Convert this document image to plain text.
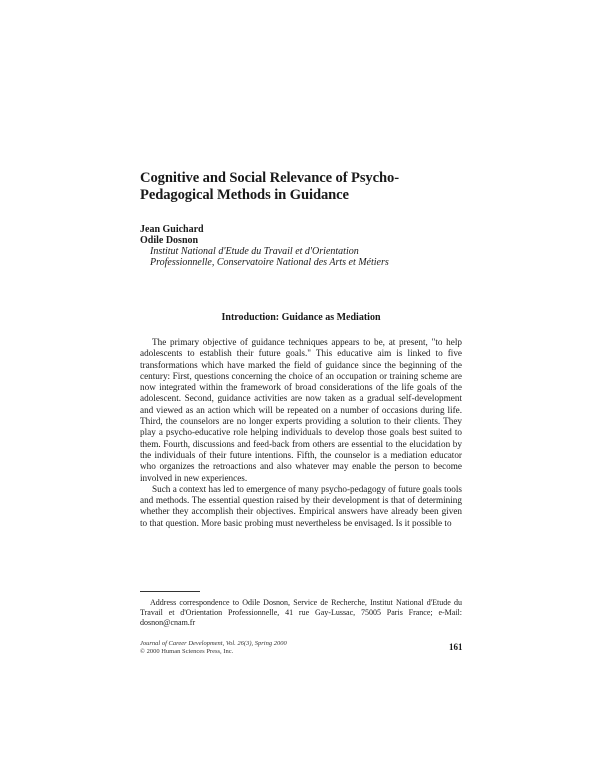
Cognitive and Social Relevance of Psycho-Pedagogical Methods in Guidance
Jean Guichard
Odile Dosnon
Institut National d'Etude du Travail et d'Orientation
Professionnelle, Conservatoire National des Arts et Métiers
Introduction: Guidance as Mediation

The primary objective of guidance techniques appears to be, at present, "to help adolescents to establish their future goals." This educative aim is linked to five transformations which have marked the field of guidance since the beginning of the century: First, questions concerning the choice of an occupation or training scheme are now integrated within the framework of broad considerations of the life goals of the adolescent. Second, guidance activities are now taken as a gradual self-development and viewed as an action which will be repeated on a number of occasions during life. Third, the counselors are no longer experts providing a solution to their clients. They play a psycho-educative role helping individuals to develop those goals best suited to them. Fourth, discussions and feed-back from others are essential to the elucidation by the individuals of their future intentions. Fifth, the counselor is a mediation educator who organizes the retroactions and also whatever may enable the person to become involved in new experiences.

Such a context has led to emergence of many psycho-pedagogy of future goals tools and methods. The essential question raised by their development is that of determining whether they accomplish their objectives. Empirical answers have already been given to that question. More basic probing must nevertheless be envisaged. Is it possible to

Address correspondence to Odile Dosnon, Service de Recherche, Institut National d'Etude du Travail et d'Orientation Professionnelle, 41 rue Gay-Lussac, 75005 Paris France; e-Mail: dosnon@cnam.fr

Journal of Career Development, Vol. 26(3), Spring 2000
© 2000 Human Sciences Press, Inc.	161
